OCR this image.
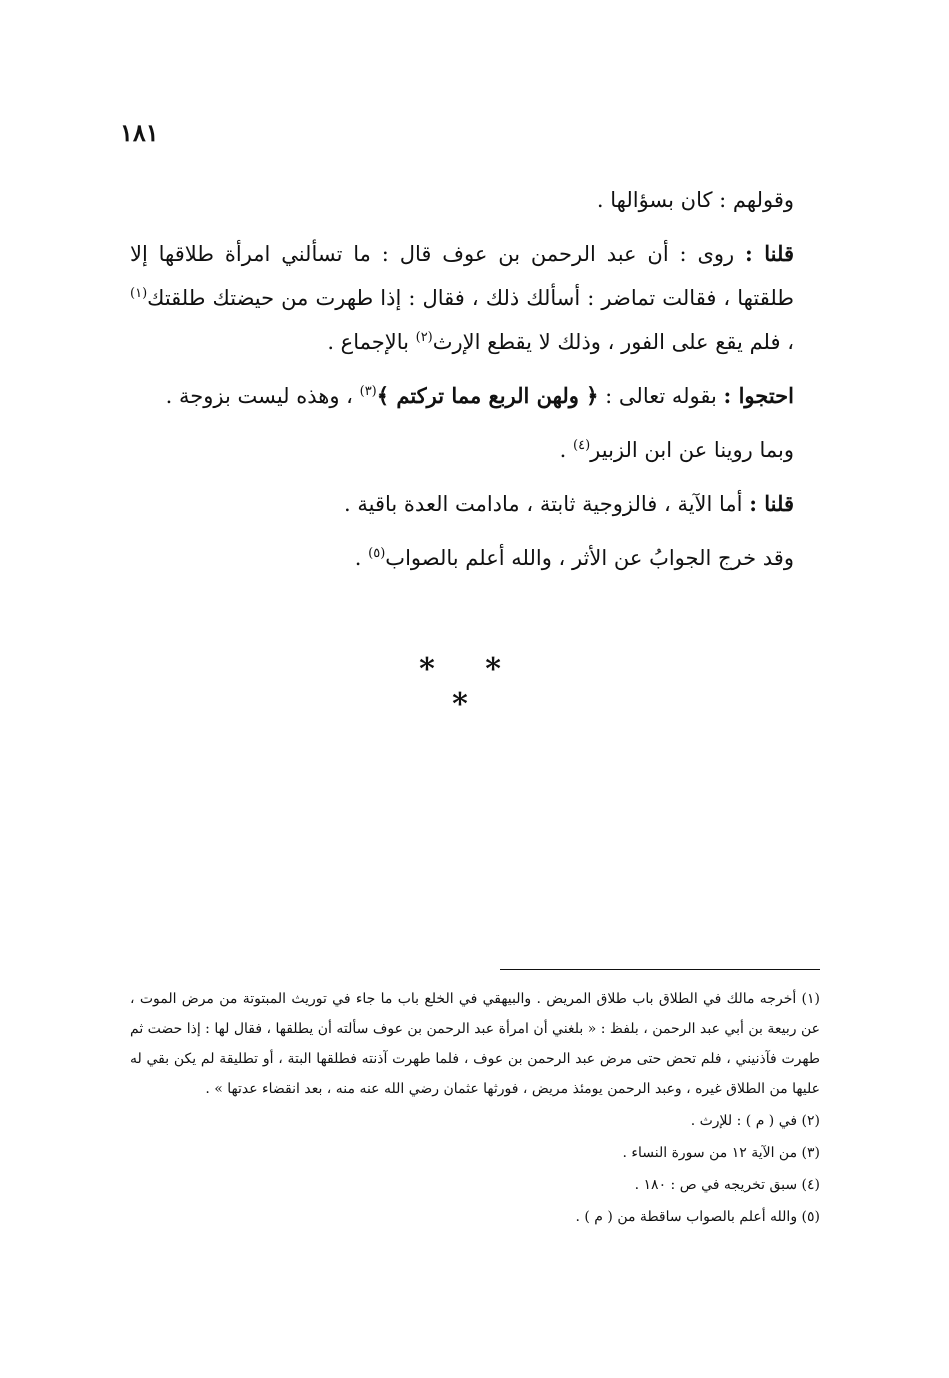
١٨١

وقولهم : كان بسؤالها .

قلنا : روى : أن عبد الرحمن بن عوف قال : ما تسألني امرأة طلاقها إلا طلقتها ، فقالت تماضر : أسألك ذلك ، فقال : إذا طهرت من حيضتك طلقتك$^{(١)}$ ، فلم يقع على الفور ، وذلك لا يقطع الإرث$^{(٢)}$ بالإجماع .

احتجوا : بقوله تعالى : ﴿ ولهن الربع مما تركتم ﴾$^{(٣)}$ ، وهذه ليست بزوجة .

وبما روينا عن ابن الزبير$^{(٤)}$ .

قلنا : أما الآية ، فالزوجية ثابتة ، مادامت العدة باقية .

وقد خرج الجوابُ عن الأثر ، والله أعلم بالصواب$^{(٥)}$ .

* * *

(١) أخرجه مالك في الطلاق باب طلاق المريض . والبيهقي في الخلع باب ما جاء في توريث المبتوتة من مرض الموت ، عن ربيعة بن أبي عبد الرحمن ، بلفظ : « بلغني أن امرأة عبد الرحمن بن عوف سألته أن يطلقها ، فقال لها : إذا حضت ثم طهرت فآذنيني ، فلم تحض حتى مرض عبد الرحمن بن عوف ، فلما طهرت آذنته فطلقها البتة ، أو تطليقة لم يكن بقي له عليها من الطلاق غيره ، وعبد الرحمن يومئذ مريض ، فورثها عثمان رضي الله عنه منه ، بعد انقضاء عدتها » .

(٢) في ( م ) : للإرث .

(٣) من الآية ١٢ من سورة النساء .

(٤) سبق تخريجه في ص : ١٨٠ .

(٥) والله أعلم بالصواب ساقطة من ( م ) .
